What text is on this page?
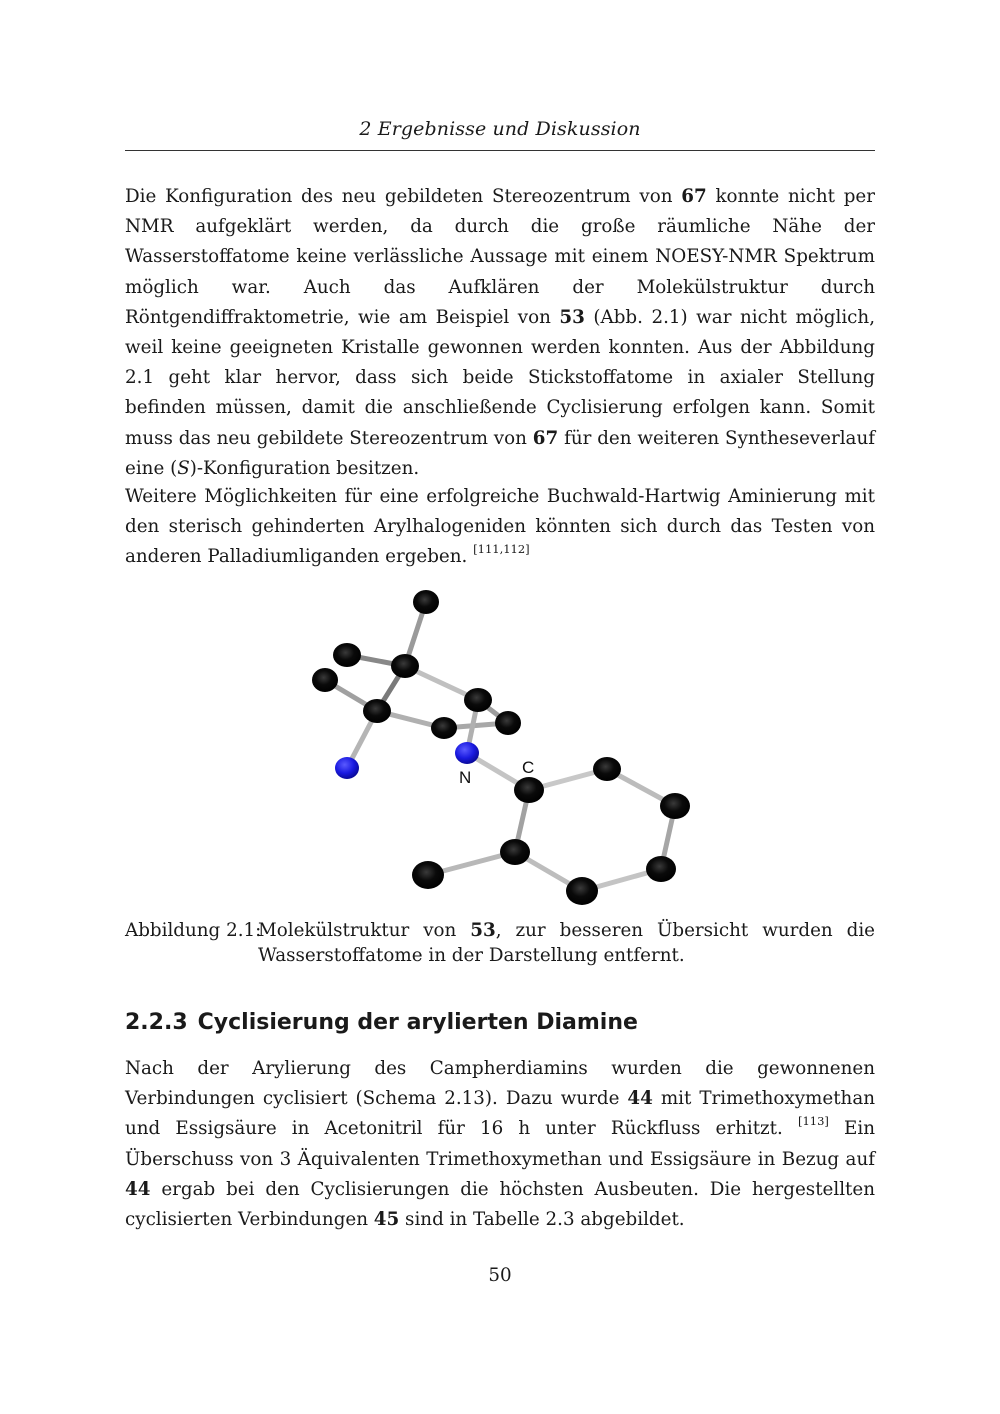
2 Ergebnisse und Diskussion

Die Konfiguration des neu gebildeten Stereozentrum von 67 konnte nicht per NMR aufgeklärt werden, da durch die große räumliche Nähe der Wasserstoffatome keine verlässliche Aussage mit einem NOESY-NMR Spektrum möglich war. Auch das Aufklären der Molekülstruktur durch Röntgendiffraktometrie, wie am Beispiel von 53 (Abb. 2.1) war nicht möglich, weil keine geeigneten Kristalle gewonnen werden konnten. Aus der Abbildung 2.1 geht klar hervor, dass sich beide Stickstoffatome in axialer Stellung befinden müssen, damit die anschließende Cyclisierung erfolgen kann. Somit muss das neu gebildete Stereozentrum von 67 für den weiteren Syntheseverlauf eine (S)-Konfiguration besitzen.

Weitere Möglichkeiten für eine erfolgreiche Buchwald-Hartwig Aminierung mit den sterisch gehinderten Arylhalogeniden könnten sich durch das Testen von anderen Palladiumliganden ergeben. [111,112]

N
C
Abbildung 2.1:
Molekülstruktur von 53, zur besseren Übersicht wurden die Wasserstoffatome in der Darstellung entfernt.
2.2.3 Cyclisierung der arylierten Diamine

Nach der Arylierung des Campherdiamins wurden die gewonnenen Verbindungen cyclisiert (Schema 2.13). Dazu wurde 44 mit Trimethoxymethan und Essigsäure in Acetonitril für 16 h unter Rückfluss erhitzt. [113] Ein Überschuss von 3 Äquivalenten Trimethoxymethan und Essigsäure in Bezug auf 44 ergab bei den Cyclisierungen die höchsten Ausbeuten. Die hergestellten cyclisierten Verbindungen 45 sind in Tabelle 2.3 abgebildet.

50
